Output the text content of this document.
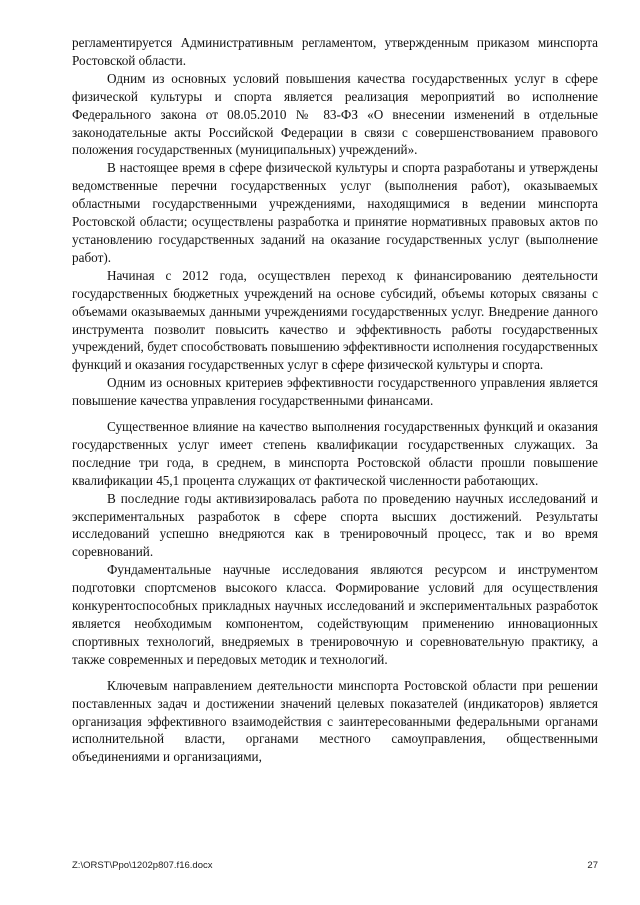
регламентируется Административным регламентом, утвержденным приказом минспорта Ростовской области.

Одним из основных условий повышения качества государственных услуг в сфере физической культуры и спорта является реализация мероприятий во исполнение Федерального закона от 08.05.2010 № 83-ФЗ «О внесении изменений в отдельные законодательные акты Российской Федерации в связи с совершенствованием правового положения государственных (муниципальных) учреждений».

В настоящее время в сфере физической культуры и спорта разработаны и утверждены ведомственные перечни государственных услуг (выполнения работ), оказываемых областными государственными учреждениями, находящимися в ведении минспорта Ростовской области; осуществлены разработка и принятие нормативных правовых актов по установлению государственных заданий на оказание государственных услуг (выполнение работ).

Начиная с 2012 года, осуществлен переход к финансированию деятельности государственных бюджетных учреждений на основе субсидий, объемы которых связаны с объемами оказываемых данными учреждениями государственных услуг. Внедрение данного инструмента позволит повысить качество и эффективность работы государственных учреждений, будет способствовать повышению эффективности исполнения государственных функций и оказания государственных услуг в сфере физической культуры и спорта.

Одним из основных критериев эффективности государственного управления является повышение качества управления государственными финансами.

Существенное влияние на качество выполнения государственных функций и оказания государственных услуг имеет степень квалификации государственных служащих. За последние три года, в среднем, в минспорта Ростовской области прошли повышение квалификации 45,1 процента служащих от фактической численности работающих.

В последние годы активизировалась работа по проведению научных исследований и экспериментальных разработок в сфере спорта высших достижений. Результаты исследований успешно внедряются как в тренировочный процесс, так и во время соревнований.

Фундаментальные научные исследования являются ресурсом и инструментом подготовки спортсменов высокого класса. Формирование условий для осуществления конкурентоспособных прикладных научных исследований и экспериментальных разработок является необходимым компонентом, содействующим применению инновационных спортивных технологий, внедряемых в тренировочную и соревновательную практику, а также современных и передовых методик и технологий.

Ключевым направлением деятельности минспорта Ростовской области при решении поставленных задач и достижении значений целевых показателей (индикаторов) является организация эффективного взаимодействия с заинтересованными федеральными органами исполнительной власти, органами местного самоуправления, общественными объединениями и организациями,

Z:\ORST\Ppo\1202p807.f16.docx	27
